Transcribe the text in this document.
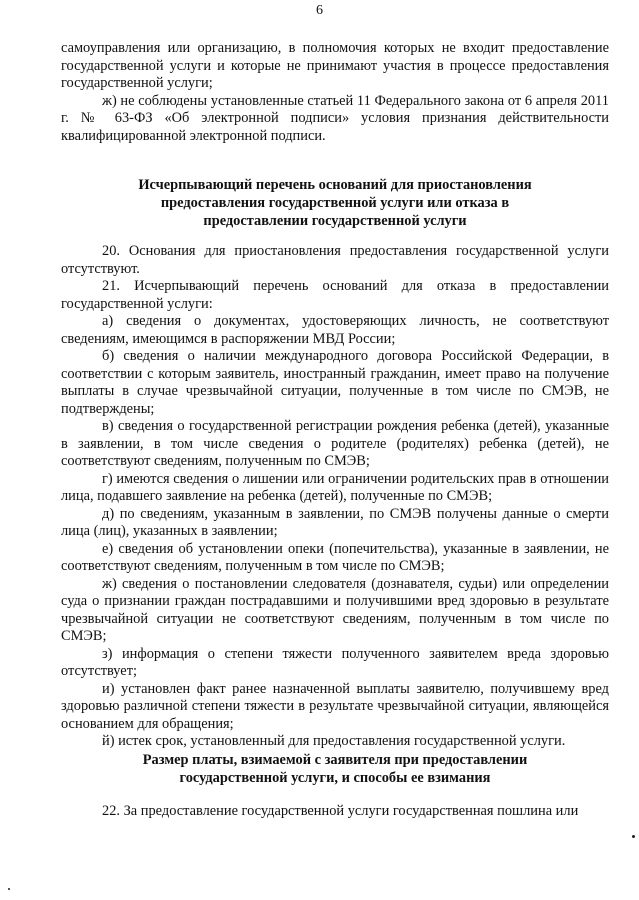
6

самоуправления или организацию, в полномочия которых не входит предоставление государственной услуги и которые не принимают участия в процессе предоставления государственной услуги;

ж) не соблюдены установленные статьей 11 Федерального закона от 6 апреля 2011 г. № 63-ФЗ «Об электронной подписи» условия признания действительности квалифицированной электронной подписи.

Исчерпывающий перечень оснований для приостановления
предоставления государственной услуги или отказа в
предоставлении государственной услуги

20. Основания для приостановления предоставления государственной услуги отсутствуют.

21. Исчерпывающий перечень оснований для отказа в предоставлении государственной услуги:

а) сведения о документах, удостоверяющих личность, не соответствуют сведениям, имеющимся в распоряжении МВД России;

б) сведения о наличии международного договора Российской Федерации, в соответствии с которым заявитель, иностранный гражданин, имеет право на получение выплаты в случае чрезвычайной ситуации, полученные в том числе по СМЭВ, не подтверждены;

в) сведения о государственной регистрации рождения ребенка (детей), указанные в заявлении, в том числе сведения о родителе (родителях) ребенка (детей), не соответствуют сведениям, полученным по СМЭВ;

г) имеются сведения о лишении или ограничении родительских прав в отношении лица, подавшего заявление на ребенка (детей), полученные по СМЭВ;

д) по сведениям, указанным в заявлении, по СМЭВ получены данные о смерти лица (лиц), указанных в заявлении;

е) сведения об установлении опеки (попечительства), указанные в заявлении, не соответствуют сведениям, полученным в том числе по СМЭВ;

ж) сведения о постановлении следователя (дознавателя, судьи) или определении суда о признании граждан пострадавшими и получившими вред здоровью в результате чрезвычайной ситуации не соответствуют сведениям, полученным в том числе по СМЭВ;

з) информация о степени тяжести полученного заявителем вреда здоровью отсутствует;

и) установлен факт ранее назначенной выплаты заявителю, получившему вред здоровью различной степени тяжести в результате чрезвычайной ситуации, являющейся основанием для обращения;

й) истек срок, установленный для предоставления государственной услуги.

Размер платы, взимаемой с заявителя при предоставлении
государственной услуги, и способы ее взимания

22. За предоставление государственной услуги государственная пошлина или
